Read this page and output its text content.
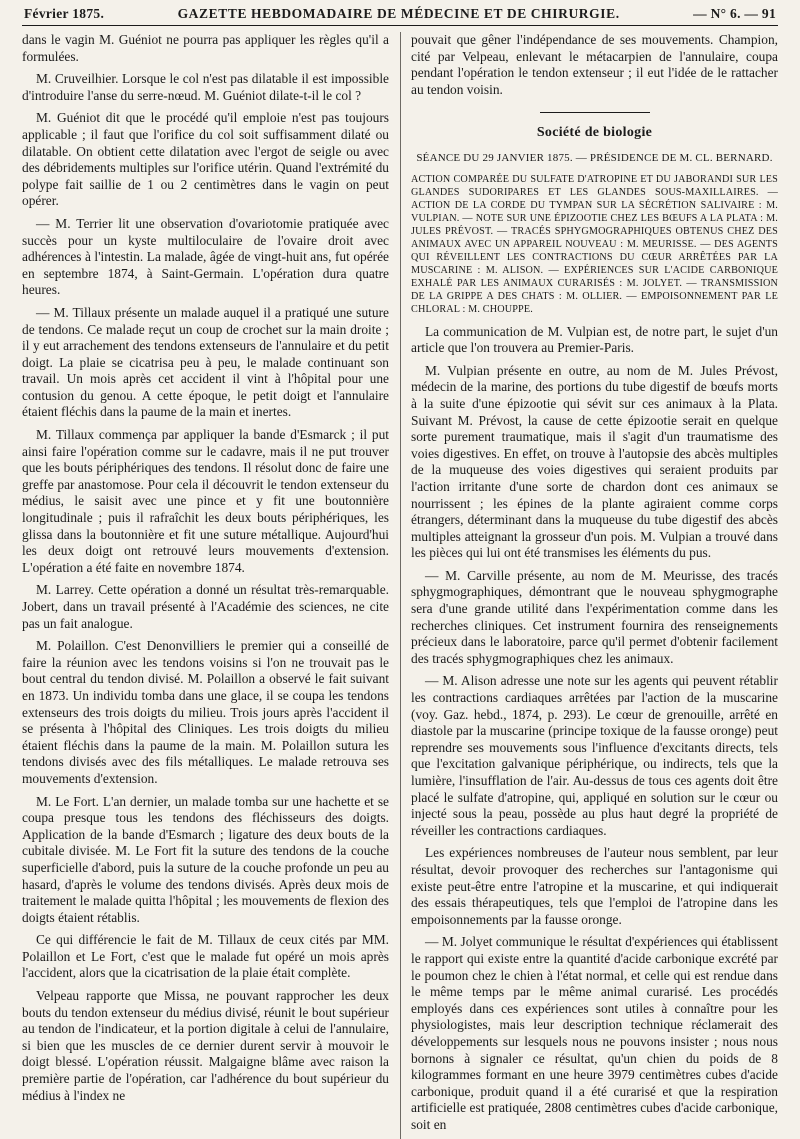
Février 1875.	GAZETTE HEBDOMADAIRE DE MÉDECINE ET DE CHIRURGIE.	— N° 6. — 91

dans le vagin M. Guéniot ne pourra pas appliquer les règles qu'il a formulées.

M. Cruveilhier. Lorsque le col n'est pas dilatable il est impossible d'introduire l'anse du serre-nœud. M. Guéniot dilate-t-il le col ?

M. Guéniot dit que le procédé qu'il emploie n'est pas toujours applicable ; il faut que l'orifice du col soit suffisamment dilaté ou dilatable. On obtient cette dilatation avec l'ergot de seigle ou avec des débridements multiples sur l'orifice utérin. Quand l'extrémité du polype fait saillie de 1 ou 2 centimètres dans le vagin on peut opérer.

— M. Terrier lit une observation d'ovariotomie pratiquée avec succès pour un kyste multiloculaire de l'ovaire droit avec adhérences à l'intestin. La malade, âgée de vingt-huit ans, fut opérée en septembre 1874, à Saint-Germain. L'opération dura quatre heures.

— M. Tillaux présente un malade auquel il a pratiqué une suture de tendons. Ce malade reçut un coup de crochet sur la main droite ; il y eut arrachement des tendons extenseurs de l'annulaire et du petit doigt. La plaie se cicatrisa peu à peu, le malade continuant son travail. Un mois après cet accident il vint à l'hôpital pour une contusion du genou. A cette époque, le petit doigt et l'annulaire étaient fléchis dans la paume de la main et inertes.

M. Tillaux commença par appliquer la bande d'Esmarck ; il put ainsi faire l'opération comme sur le cadavre, mais il ne put trouver que les bouts périphériques des tendons. Il résolut donc de faire une greffe par anastomose. Pour cela il découvrit le tendon extenseur du médius, le saisit avec une pince et y fit une boutonnière longitudinale ; puis il rafraîchit les deux bouts périphériques, les glissa dans la boutonnière et fit une suture métallique. Aujourd'hui les deux doigt ont retrouvé leurs mouvements d'extension. L'opération a été faite en novembre 1874.

M. Larrey. Cette opération a donné un résultat très-remarquable. Jobert, dans un travail présenté à l'Académie des sciences, ne cite pas un fait analogue.

M. Polaillon. C'est Denonvilliers le premier qui a conseillé de faire la réunion avec les tendons voisins si l'on ne trouvait pas le bout central du tendon divisé. M. Polaillon a observé le fait suivant en 1873. Un individu tomba dans une glace, il se coupa les tendons extenseurs des trois doigts du milieu. Trois jours après l'accident il se présenta à l'hôpital des Cliniques. Les trois doigts du milieu étaient fléchis dans la paume de la main. M. Polaillon sutura les tendons divisés avec des fils métalliques. Le malade retrouva ses mouvements d'extension.

M. Le Fort. L'an dernier, un malade tomba sur une hachette et se coupa presque tous les tendons des fléchisseurs des doigts. Application de la bande d'Esmarch ; ligature des deux bouts de la cubitale divisée. M. Le Fort fit la suture des tendons de la couche superficielle d'abord, puis la suture de la couche profonde un peu au hasard, d'après le volume des tendons divisés. Après deux mois de traitement le malade quitta l'hôpital ; les mouvements de flexion des doigts étaient rétablis.

Ce qui différencie le fait de M. Tillaux de ceux cités par MM. Polaillon et Le Fort, c'est que le malade fut opéré un mois après l'accident, alors que la cicatrisation de la plaie était complète.

Velpeau rapporte que Missa, ne pouvant rapprocher les deux bouts du tendon extenseur du médius divisé, réunit le bout supérieur au tendon de l'indicateur, et la portion digitale à celui de l'annulaire, si bien que les muscles de ce dernier durent servir à mouvoir le doigt blessé. L'opération réussit. Malgaigne blâme avec raison la première partie de l'opération, car l'adhérence du bout supérieur du médius à l'index ne

pouvait que gêner l'indépendance de ses mouvements. Champion, cité par Velpeau, enlevant le métacarpien de l'annulaire, coupa pendant l'opération le tendon extenseur ; il eut l'idée de le rattacher au tendon voisin.

Société de biologie
SÉANCE DU 29 JANVIER 1875. — PRÉSIDENCE DE M. CL. BERNARD.
ACTION COMPARÉE DU SULFATE D'ATROPINE ET DU JABORANDI SUR LES GLANDES SUDORIPARES ET LES GLANDES SOUS-MAXILLAIRES. — ACTION DE LA CORDE DU TYMPAN SUR LA SÉCRÉTION SALIVAIRE : M. VULPIAN. — NOTE SUR UNE ÉPIZOOTIE CHEZ LES BŒUFS A LA PLATA : M. JULES PRÉVOST. — TRACÉS SPHYGMOGRAPHIQUES OBTENUS CHEZ DES ANIMAUX AVEC UN APPAREIL NOUVEAU : M. MEURISSE. — DES AGENTS QUI RÉVEILLENT LES CONTRACTIONS DU CŒUR ARRÊTÉES PAR LA MUSCARINE : M. ALISON. — EXPÉRIENCES SUR L'ACIDE CARBONIQUE EXHALÉ PAR LES ANIMAUX CURARISÉS : M. JOLYET. — TRANSMISSION DE LA GRIPPE A DES CHATS : M. OLLIER. — EMPOISONNEMENT PAR LE CHLORAL : M. CHOUPPE.

La communication de M. Vulpian est, de notre part, le sujet d'un article que l'on trouvera au Premier-Paris.

M. Vulpian présente en outre, au nom de M. Jules Prévost, médecin de la marine, des portions du tube digestif de bœufs morts à la suite d'une épizootie qui sévit sur ces animaux à la Plata. Suivant M. Prévost, la cause de cette épizootie serait en quelque sorte purement traumatique, mais il s'agit d'un traumatisme des voies digestives. En effet, on trouve à l'autopsie des abcès multiples de la muqueuse des voies digestives qui seraient produits par l'action irritante d'une sorte de chardon dont ces animaux se nourrissent ; les épines de la plante agiraient comme corps étrangers, déterminant dans la muqueuse du tube digestif des abcès multiples atteignant la grosseur d'un pois. M. Vulpian a trouvé dans les pièces qui lui ont été transmises les éléments du pus.

— M. Carville présente, au nom de M. Meurisse, des tracés sphygmographiques, démontrant que le nouveau sphygmographe sera d'une grande utilité dans l'expérimentation comme dans les recherches cliniques. Cet instrument fournira des renseignements précieux dans le laboratoire, parce qu'il permet d'obtenir facilement des tracés sphygmographiques chez les animaux.

— M. Alison adresse une note sur les agents qui peuvent rétablir les contractions cardiaques arrêtées par l'action de la muscarine (voy. Gaz. hebd., 1874, p. 293). Le cœur de grenouille, arrêté en diastole par la muscarine (principe toxique de la fausse oronge) peut reprendre ses mouvements sous l'influence d'excitants directs, tels que l'excitation galvanique périphérique, ou indirects, tels que la lumière, l'insufflation de l'air. Au-dessus de tous ces agents doit être placé le sulfate d'atropine, qui, appliqué en solution sur le cœur ou injecté sous la peau, possède au plus haut degré la propriété de réveiller les contractions cardiaques.

Les expériences nombreuses de l'auteur nous semblent, par leur résultat, devoir provoquer des recherches sur l'antagonisme qui existe peut-être entre l'atropine et la muscarine, et qui indiquerait des essais thérapeutiques, tels que l'emploi de l'atropine dans les empoisonnements par la fausse oronge.

— M. Jolyet communique le résultat d'expériences qui établissent le rapport qui existe entre la quantité d'acide carbonique excrété par le poumon chez le chien à l'état normal, et celle qui est rendue dans le même temps par le même animal curarisé. Les procédés employés dans ces expériences sont utiles à connaître pour les physiologistes, mais leur description technique réclamerait des développements sur lesquels nous ne pouvons insister ; nous nous bornons à signaler ce résultat, qu'un chien du poids de 8 kilogrammes formant en une heure 3979 centimètres cubes d'acide carbonique, produit quand il a été curarisé et que la respiration artificielle est pratiquée, 2808 centimètres cubes d'acide carbonique, soit en
